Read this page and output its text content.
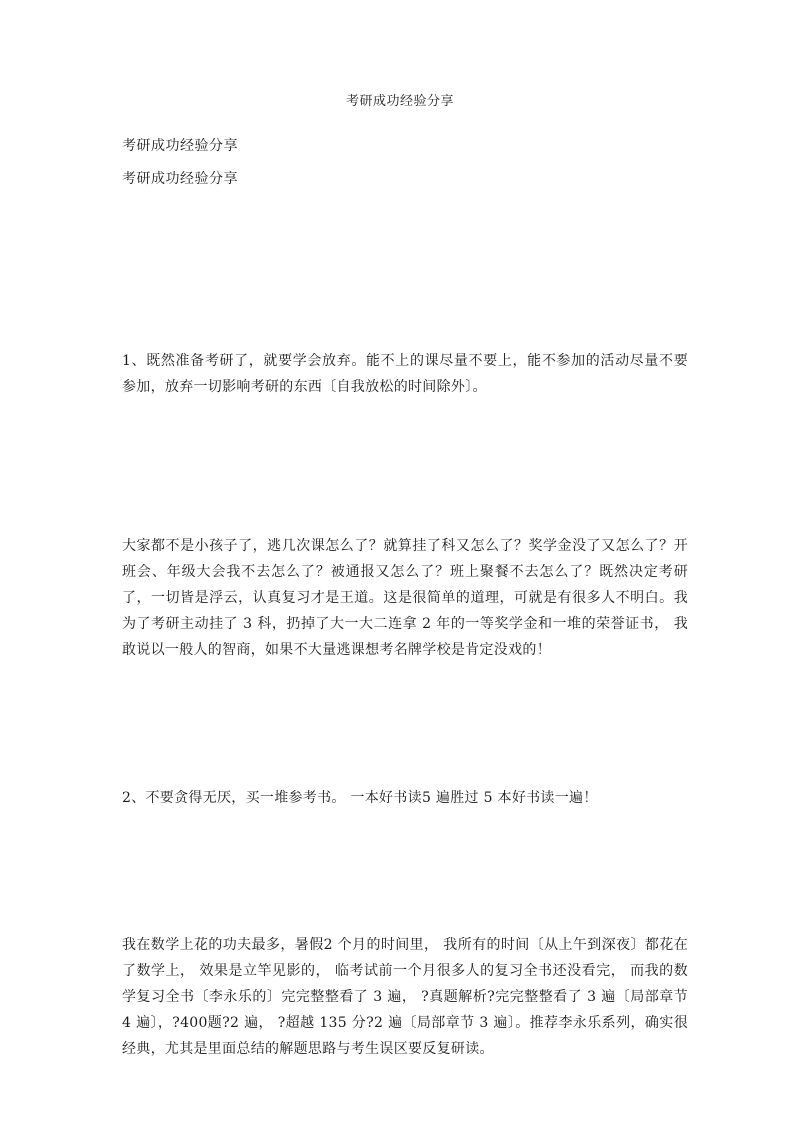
考研成功经验分享
考研成功经验分享
考研成功经验分享

1、既然准备考研了，就要学会放弃。能不上的课尽量不要上，能不参加的活动尽量不要参加，放弃一切影响考研的东西〔自我放松的时间除外〕。

大家都不是小孩子了，逃几次课怎么了？就算挂了科又怎么了？奖学金没了又怎么了？开班会、年级大会我不去怎么了？被通报又怎么了？班上聚餐不去怎么了？既然决定考研了，一切皆是浮云，认真复习才是王道。这是很简单的道理，可就是有很多人不明白。我为了考研主动挂了 3 科，扔掉了大一大二连拿 2 年的一等奖学金和一堆的荣誉证书， 我敢说以一般人的智商，如果不大量逃课想考名牌学校是肯定没戏的！

2、不要贪得无厌，买一堆参考书。 一本好书读5 遍胜过 5 本好书读一遍！

我在数学上花的功夫最多，暑假2 个月的时间里， 我所有的时间〔从上午到深夜〕都花在了数学上， 效果是立竿见影的， 临考试前一个月很多人的复习全书还没看完， 而我的数学复习全书〔李永乐的〕完完整整看了 3 遍， ?真题解析?完完整整看了 3 遍〔局部章节 4 遍〕，?400题?2 遍， ?超越 135 分?2 遍〔局部章节 3 遍〕。推荐李永乐系列，确实很经典，尤其是里面总结的解题思路与考生误区要反复研读。
